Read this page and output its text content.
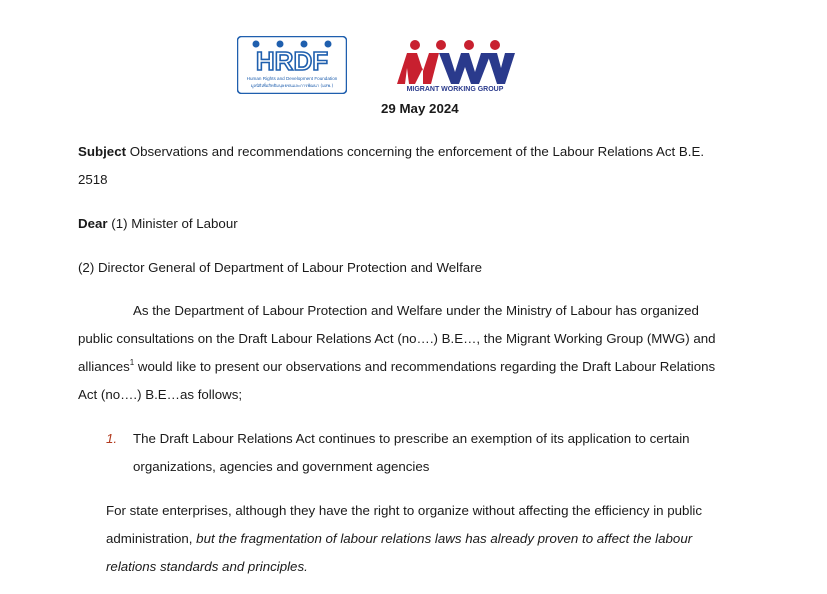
HRDF
Human Rights and Development Foundation
มูลนิธิเพื่อสิทธิมนุษยชนและการพัฒนา (มสพ.)
MIGRANT WORKING GROUP
29 May 2024
Subject Observations and recommendations concerning the enforcement of the Labour Relations Act B.E.
2518
Dear (1) Minister of Labour
(2) Director General of Department of Labour Protection and Welfare
As the Department of Labour Protection and Welfare under the Ministry of Labour has organized
public consultations on the Draft Labour Relations Act (no….) B.E…, the Migrant Working Group (MWG) and
alliances$^1$ would like to present our observations and recommendations regarding the Draft Labour Relations
Act (no….) B.E…as follows;
1. The Draft Labour Relations Act continues to prescribe an exemption of its application to certain
organizations, agencies and government agencies
For state enterprises, although they have the right to organize without affecting the efficiency in public
administration, but the fragmentation of labour relations laws has already proven to affect the labour
relations standards and principles.
